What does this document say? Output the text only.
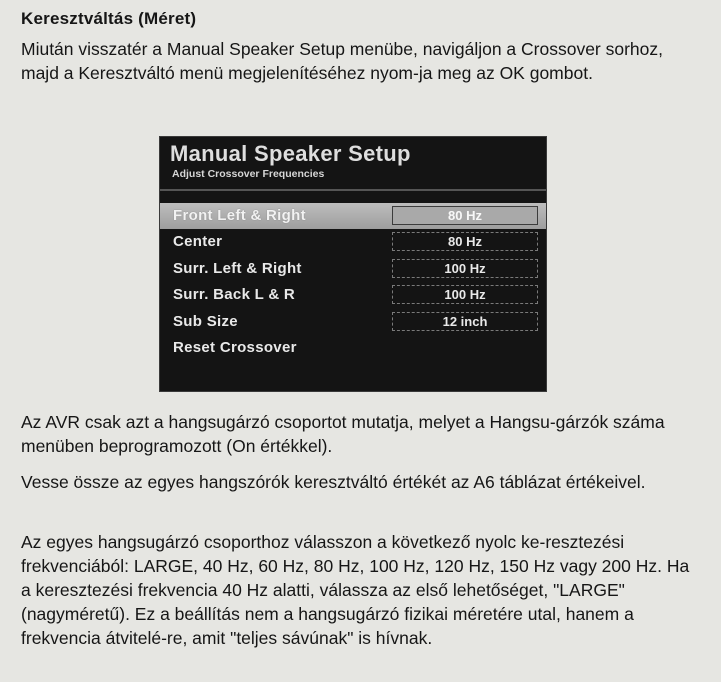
Keresztváltás (Méret)

Miután visszatér a Manual Speaker Setup menübe, navigáljon a Crossover sorhoz, majd a Keresztváltó menü megjelenítéséhez nyom-ja meg az OK gombot.

Manual Speaker Setup
Adjust Crossover Frequencies
Front Left & Right	80 Hz
Center	80 Hz
Surr. Left & Right	100 Hz
Surr. Back L & R	100 Hz
Sub Size	12 inch
Reset Crossover

Az AVR csak azt a hangsugárzó csoportot mutatja, melyet a Hangsu-gárzók száma menüben beprogramozott (On értékkel).

Vesse össze az egyes hangszórók keresztváltó értékét az A6 táblázat értékeivel.

Az egyes hangsugárzó csoporthoz válasszon a következő nyolc ke-resztezési frekvenciából: LARGE, 40 Hz, 60 Hz, 80 Hz, 100 Hz, 120 Hz, 150 Hz vagy 200 Hz. Ha a keresztezési frekvencia 40 Hz alatti, válassza az első lehetőséget, "LARGE" (nagyméretű). Ez a beállítás nem a hangsugárzó fizikai méretére utal, hanem a frekvencia átvitelé-re, amit "teljes sávúnak" is hívnak.
